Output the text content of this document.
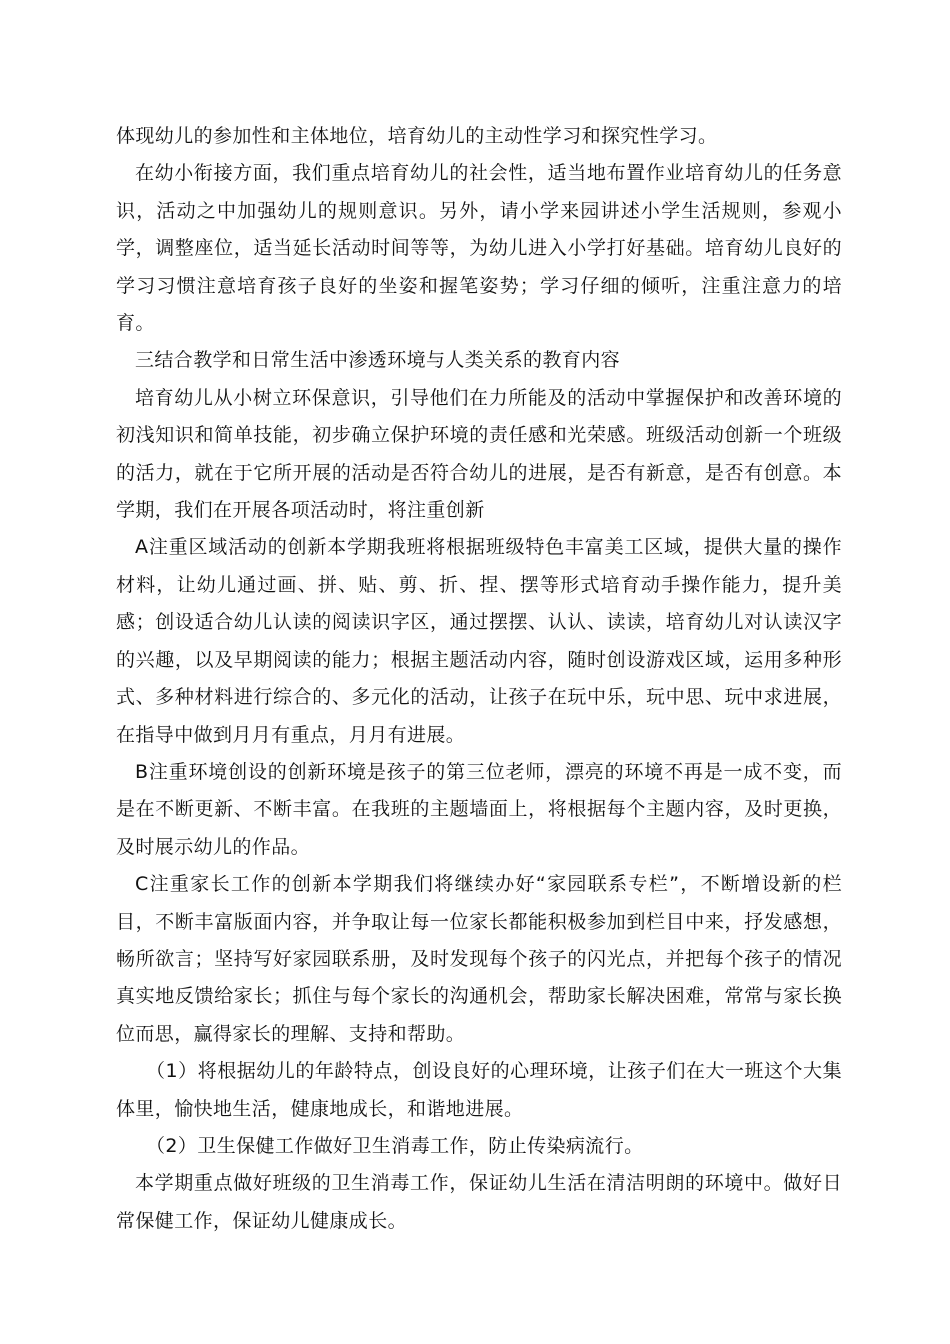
体现幼儿的参加性和主体地位，培育幼儿的主动性学习和探究性学习。

在幼小衔接方面，我们重点培育幼儿的社会性，适当地布置作业培育幼儿的任务意识，活动之中加强幼儿的规则意识。另外，请小学来园讲述小学生活规则，参观小学，调整座位，适当延长活动时间等等，为幼儿进入小学打好基础。培育幼儿良好的学习习惯注意培育孩子良好的坐姿和握笔姿势；学习仔细的倾听，注重注意力的培育。

三结合教学和日常生活中渗透环境与人类关系的教育内容

培育幼儿从小树立环保意识，引导他们在力所能及的活动中掌握保护和改善环境的初浅知识和简单技能，初步确立保护环境的责任感和光荣感。班级活动创新一个班级的活力，就在于它所开展的活动是否符合幼儿的进展，是否有新意，是否有创意。本学期，我们在开展各项活动时，将注重创新

A注重区域活动的创新本学期我班将根据班级特色丰富美工区域，提供大量的操作材料，让幼儿通过画、拼、贴、剪、折、捏、摆等形式培育动手操作能力，提升美感；创设适合幼儿认读的阅读识字区，通过摆摆、认认、读读，培育幼儿对认读汉字的兴趣，以及早期阅读的能力；根据主题活动内容，随时创设游戏区域，运用多种形式、多种材料进行综合的、多元化的活动，让孩子在玩中乐，玩中思、玩中求进展，在指导中做到月月有重点，月月有进展。

B注重环境创设的创新环境是孩子的第三位老师，漂亮的环境不再是一成不变，而是在不断更新、不断丰富。在我班的主题墙面上，将根据每个主题内容，及时更换，及时展示幼儿的作品。

C注重家长工作的创新本学期我们将继续办好“家园联系专栏”，不断增设新的栏目，不断丰富版面内容，并争取让每一位家长都能积极参加到栏目中来，抒发感想，畅所欲言；坚持写好家园联系册，及时发现每个孩子的闪光点，并把每个孩子的情况真实地反馈给家长；抓住与每个家长的沟通机会，帮助家长解决困难，常常与家长换位而思，赢得家长的理解、支持和帮助。

（1）将根据幼儿的年龄特点，创设良好的心理环境，让孩子们在大一班这个大集体里，愉快地生活，健康地成长，和谐地进展。

（2）卫生保健工作做好卫生消毒工作，防止传染病流行。

本学期重点做好班级的卫生消毒工作，保证幼儿生活在清洁明朗的环境中。做好日常保健工作，保证幼儿健康成长。
